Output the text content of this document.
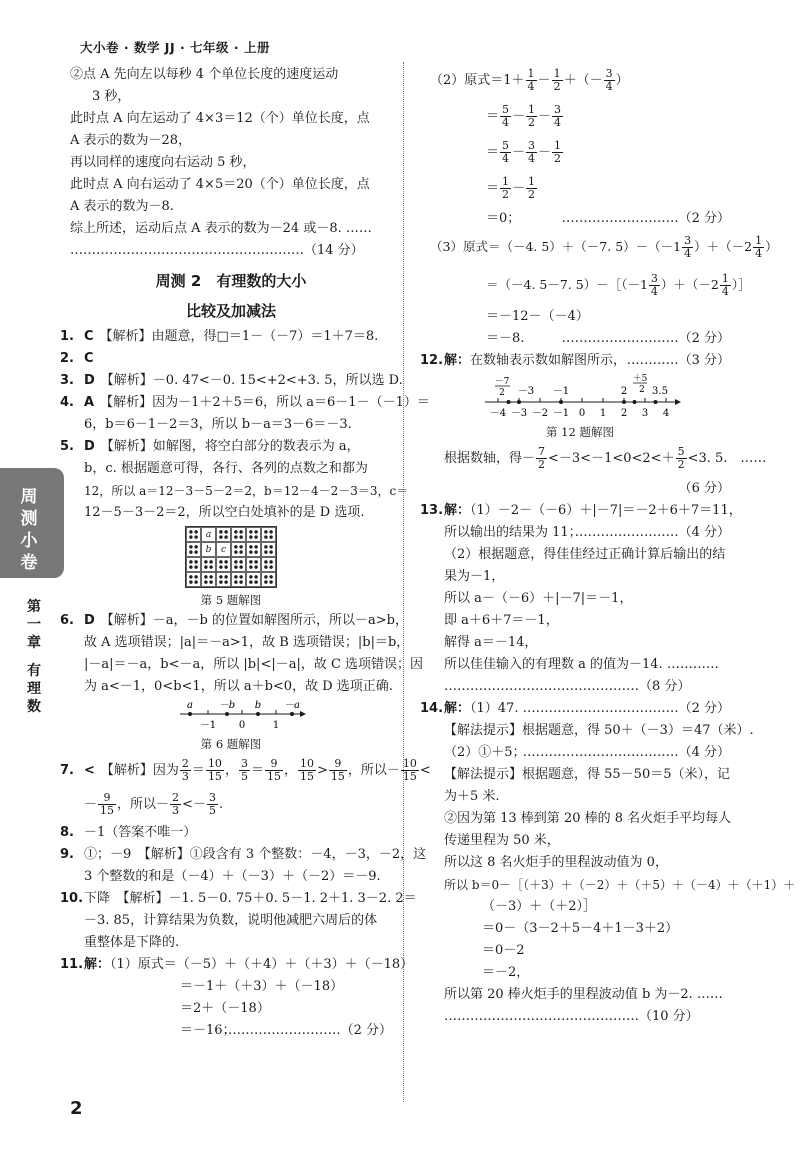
大小卷 · 数学 JJ · 七年级 · 上册
周测小卷
第一章
有理数
②点 A 先向左以每秒 4 个单位长度的速度运动
3 秒，
此时点 A 向左运动了 4×3＝12（个）单位长度，点
A 表示的数为－28，
再以同样的速度向右运动 5 秒，
此时点 A 向右运动了 4×5＝20（个）单位长度，点
A 表示的数为－8.
综上所述，运动后点 A 表示的数为－24 或－8. ……
………………………………………………（14 分）
周测 2　有理数的大小
比较及加减法
1. C 【解析】由题意，得□＝1－（－7）＝1＋7＝8.
2. C
3. D 【解析】－0. 47<－0. 15<+2<+3. 5，所以选 D.
4. A 【解析】因为－1＋2＋5＝6，所以 a＝6－1－（－1）＝
6，b＝6－1－2＝3，所以 b－a＝3－6＝－3.
5. D 【解析】如解图，将空白部分的数表示为 a，
b，c. 根据题意可得，各行、各列的点数之和都为
12，所以 a＝12－3－5－2＝2，b＝12－4－2－3＝3，c＝
12－5－3－2＝2，所以空白处填补的是 D 选项.
a
b	c
第 5 题解图
6. D 【解析】－a，－b 的位置如解图所示，所以－a>b，
故 A 选项错误；|a|＝－a>1，故 B 选项错误；|b|＝b，
|－a|＝－a，b<－a，所以 |b|<|－a|，故 C 选项错误；因
为 a<－1，0<b<1，所以 a＋b<0，故 D 选项正确.
a	－b b －a
－1 0	1
第 6 题解图
7. < 【解析】因为 $\frac{2}{3} = \frac{10}{15}$ ， $\frac{3}{5} = \frac{9}{15}$ ， $\frac{10}{15} > \frac{9}{15}$ ，所以－ $\frac{10}{15}$ <
－ $\frac{9}{15}$ ，所以－ $\frac{2}{3} <- \frac{3}{5}$ .
8. －1（答案不唯一）
9. ①；－9　【解析】①段含有 3 个整数：－4，－3，－2，这
3 个整数的和是（－4）＋（－3）＋（－2）＝－9.
10.下降　【解析】－1. 5－0. 75＋0. 5－1. 2＋1. 3－2. 2＝
－3. 85，计算结果为负数，说明他减肥六周后的体
重整体是下降的.
11.解：（1）原式＝（－5）＋（＋4）＋（＋3）＋（－18）
＝－1＋（＋3）＋（－18）
＝2＋（－18）
＝－16；
………………………（2 分）
（2）原式$=1+ \frac{1}{4} - \frac{1}{2}$ ＋（－ $\frac{3}{4}$ ）
＝ $\frac{5}{4} - \frac{1}{2} - \frac{3}{4}$
＝ $\frac{5}{4} - \frac{3}{4} - \frac{1}{2}$
＝ $\frac{1}{2} - \frac{1}{2}$
＝0；	………………………（2 分）
（3）原式＝（－4. 5）＋（－7. $5)-(-1 \frac{3}{4} )+(-2 \frac{1}{4}$ ）
＝（－4. 5－7. 5）－［（－1 $\frac{3}{4} )+(-2 \frac{1}{4}$ ）］
＝－12－（－4）
＝－8.	………………………（2 分）
12.解：在数轴表示数如解图所示， …………（3 分）
－4 －3 －2 －1 0 1 2 3 4
－7
2 －3 －1	2
＋5
2 3.5
第 12 题解图
根据数轴，得－ $\frac{7}{2} <-3<-1<0<2<+ \frac{5}{2} <3$. 5.　……
（6 分）
13.解：（1）－2－（－6）＋|－7|＝－2＋6＋7＝11，
所以输出的结果为 11；
……………………（4 分）
（2）根据题意，得佳佳经过正确计算后输出的结
果为－1，
所以 a－（－6）＋|－7|＝－1，
即 a＋6＋7＝－1，
解得 a＝－14，
所以佳佳输入的有理数 a 的值为－14. …………
………………………………………（8 分）
14.解：（1）47. ………………………………（2 分）
【解法提示】根据题意，得 50＋（－3）＝47（米）.
（2）①＋5；
………………………………（4 分）
【解法提示】根据题意，得 55－50＝5（米），记
为＋5 米.
②因为第 13 棒到第 20 棒的 8 名火炬手平均每人
传递里程为 50 米，
所以这 8 名火炬手的里程波动值为 0，
所以 b＝0－［（＋3）＋（－2）＋（＋5）＋（－4）＋（＋1）＋
（－3）＋（＋2）］
＝0－（3－2＋5－4＋1－3＋2）
＝0－2
＝－2，
所以第 20 棒火炬手的里程波动值 b 为－2. ……
………………………………………（10 分）
2
